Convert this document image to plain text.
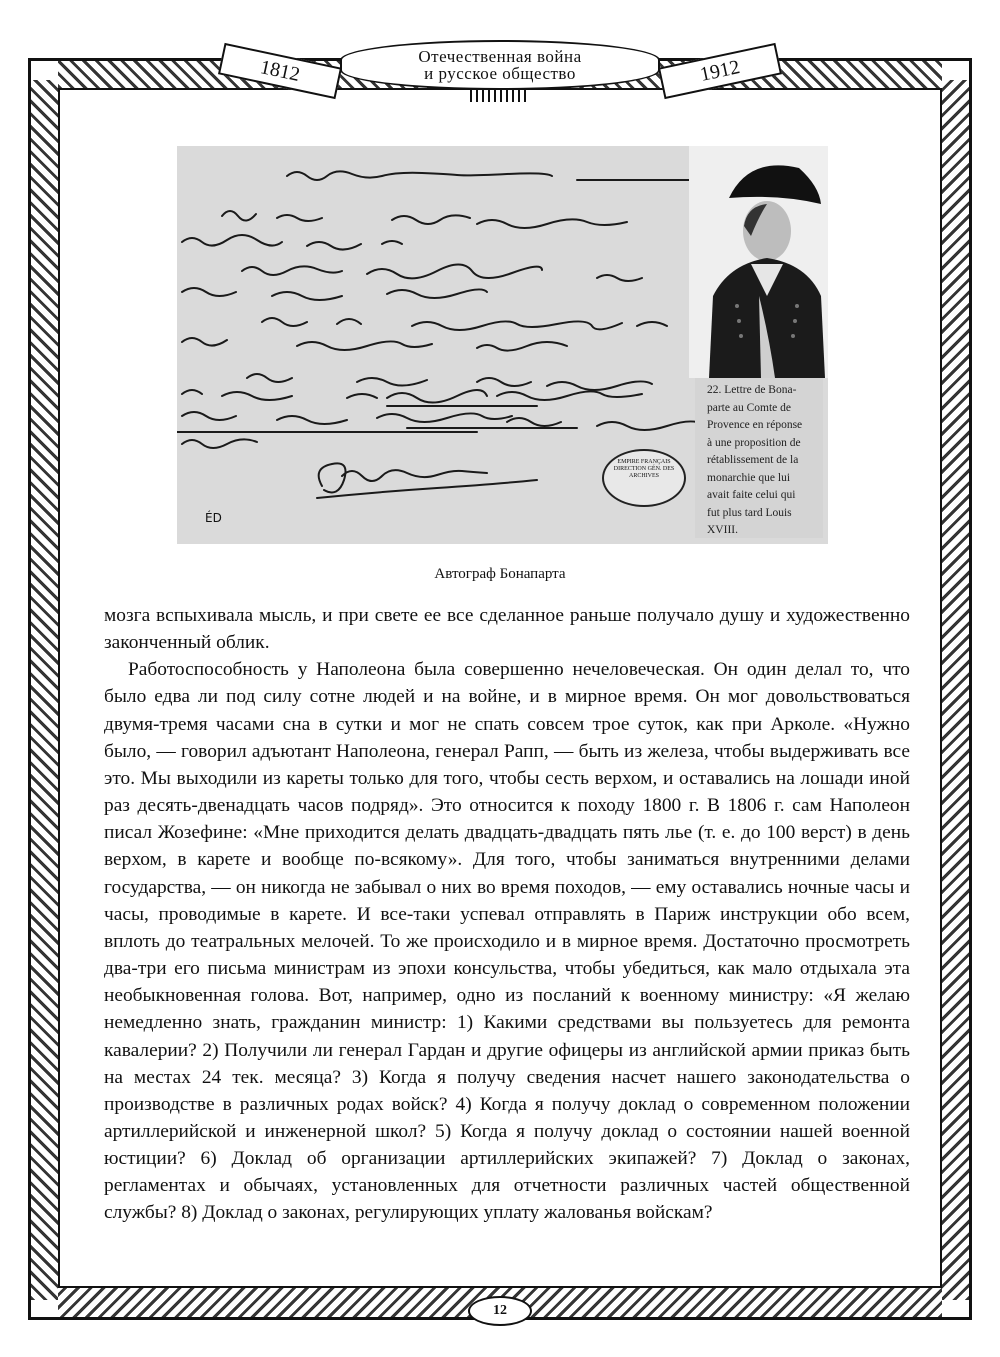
1812	1912
Отечественная война
и русское общество
22. Lettre de Bona-
parte au Comte de
Provence en réponse
à une proposition de
rétablissement de la
monarchie que lui
avait faite celui qui
fut plus tard Louis
XVIII.
EMPIRE FRANÇAIS
DIRECTION GÉN. DES
ARCHIVES
ÉD
Автограф Бонапарта

мозга вспыхивала мысль, и при свете ее все сделанное раньше получало душу и художественно законченный облик.

Работоспособность у Наполеона была совершенно нечеловеческая. Он один делал то, что было едва ли под силу сотне людей и на войне, и в мирное время. Он мог довольствоваться двумя-тремя часами сна в сутки и мог не спать совсем трое суток, как при Арколе. «Нужно было, — говорил адъютант Наполеона, генерал Рапп, — быть из железа, чтобы выдерживать все это. Мы выходили из кареты только для того, чтобы сесть верхом, и оставались на лошади иной раз десять-двенадцать часов подряд». Это относится к походу 1800 г. В 1806 г. сам Наполеон писал Жозефине: «Мне приходится делать двадцать-двадцать пять лье (т. е. до 100 верст) в день верхом, в карете и вообще по-всякому». Для того, чтобы заниматься внутренними делами государства, — он никогда не забывал о них во время походов, — ему оставались ночные часы и часы, проводимые в карете. И все-таки успевал отправлять в Париж инструкции обо всем, вплоть до театральных мелочей. То же происходило и в мирное время. Достаточно просмотреть два-три его письма министрам из эпохи консульства, чтобы убедиться, как мало отдыхала эта необыкновенная голова. Вот, например, одно из посланий к военному министру: «Я желаю немедленно знать, гражданин министр: 1) Какими средствами вы пользуетесь для ремонта кавалерии? 2) Получили ли генерал Гардан и другие офицеры из английской армии приказ быть на местах 24 тек. месяца? 3) Когда я получу сведения насчет нашего законодательства о производстве в различных родах войск? 4) Когда я получу доклад о современном положении артиллерийской и инженерной школ? 5) Когда я получу доклад о состоянии нашей военной юстиции? 6) Доклад об организации артиллерийских экипажей? 7) Доклад о законах, регламентах и обычаях, установленных для отчетности различных частей общественной службы? 8) Доклад о законах, регулирующих уплату жалованья войскам?

12
